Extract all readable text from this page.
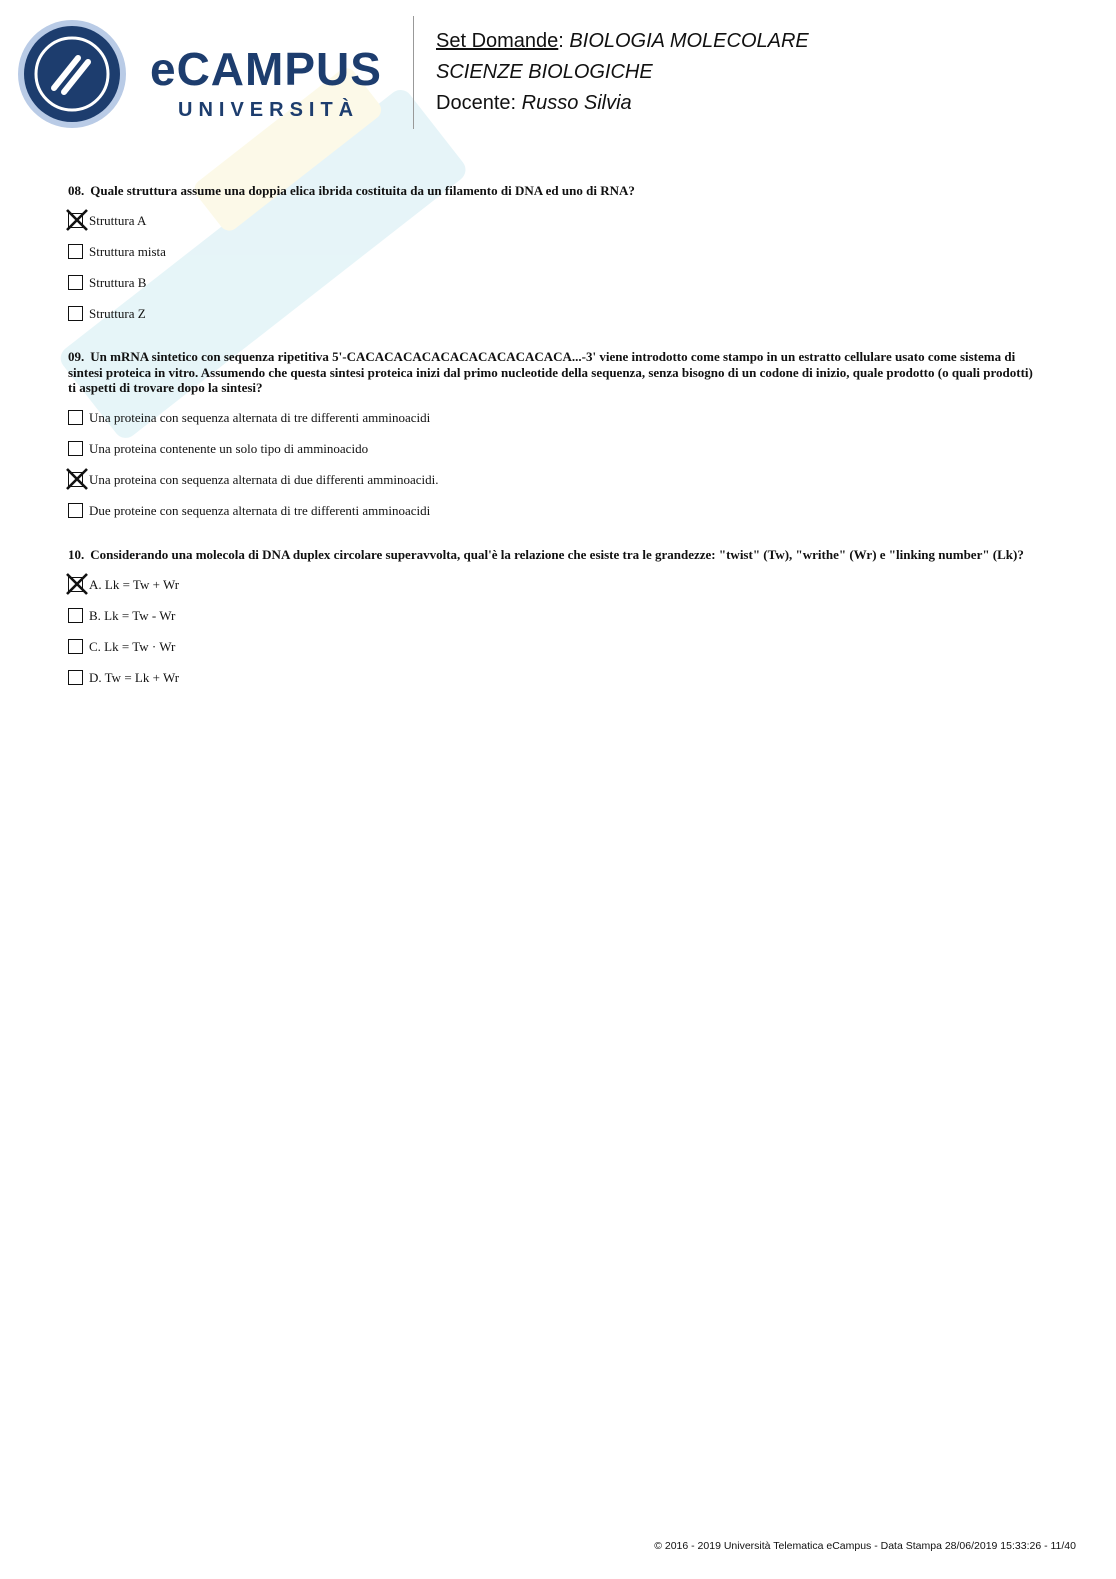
eCAMPUS
UNIVERSITÀ
Set Domande: BIOLOGIA MOLECOLARE
SCIENZE BIOLOGICHE
Docente: Russo Silvia

08. Quale struttura assume una doppia elica ibrida costituita da un filamento di DNA ed uno di RNA?

Struttura A
Struttura mista
Struttura B
Struttura Z

09. Un mRNA sintetico con sequenza ripetitiva 5'-CACACACACACACACACACACACA...-3' viene introdotto come stampo in un estratto cellulare usato come sistema di sintesi proteica in vitro. Assumendo che questa sintesi proteica inizi dal primo nucleotide della sequenza, senza bisogno di un codone di inizio, quale prodotto (o quali prodotti) ti aspetti di trovare dopo la sintesi?

Una proteina con sequenza alternata di tre differenti amminoacidi
Una proteina contenente un solo tipo di amminoacido
Una proteina con sequenza alternata di due differenti amminoacidi.
Due proteine con sequenza alternata di tre differenti amminoacidi

10. Considerando una molecola di DNA duplex circolare superavvolta, qual'è la relazione che esiste tra le grandezze: "twist" (Tw), "writhe" (Wr) e "linking number" (Lk)?

A. Lk = Tw + Wr
B. Lk = Tw - Wr
C. Lk = Tw · Wr
D. Tw = Lk + Wr
© 2016 - 2019 Università Telematica eCampus - Data Stampa 28/06/2019 15:33:26 - 11/40
